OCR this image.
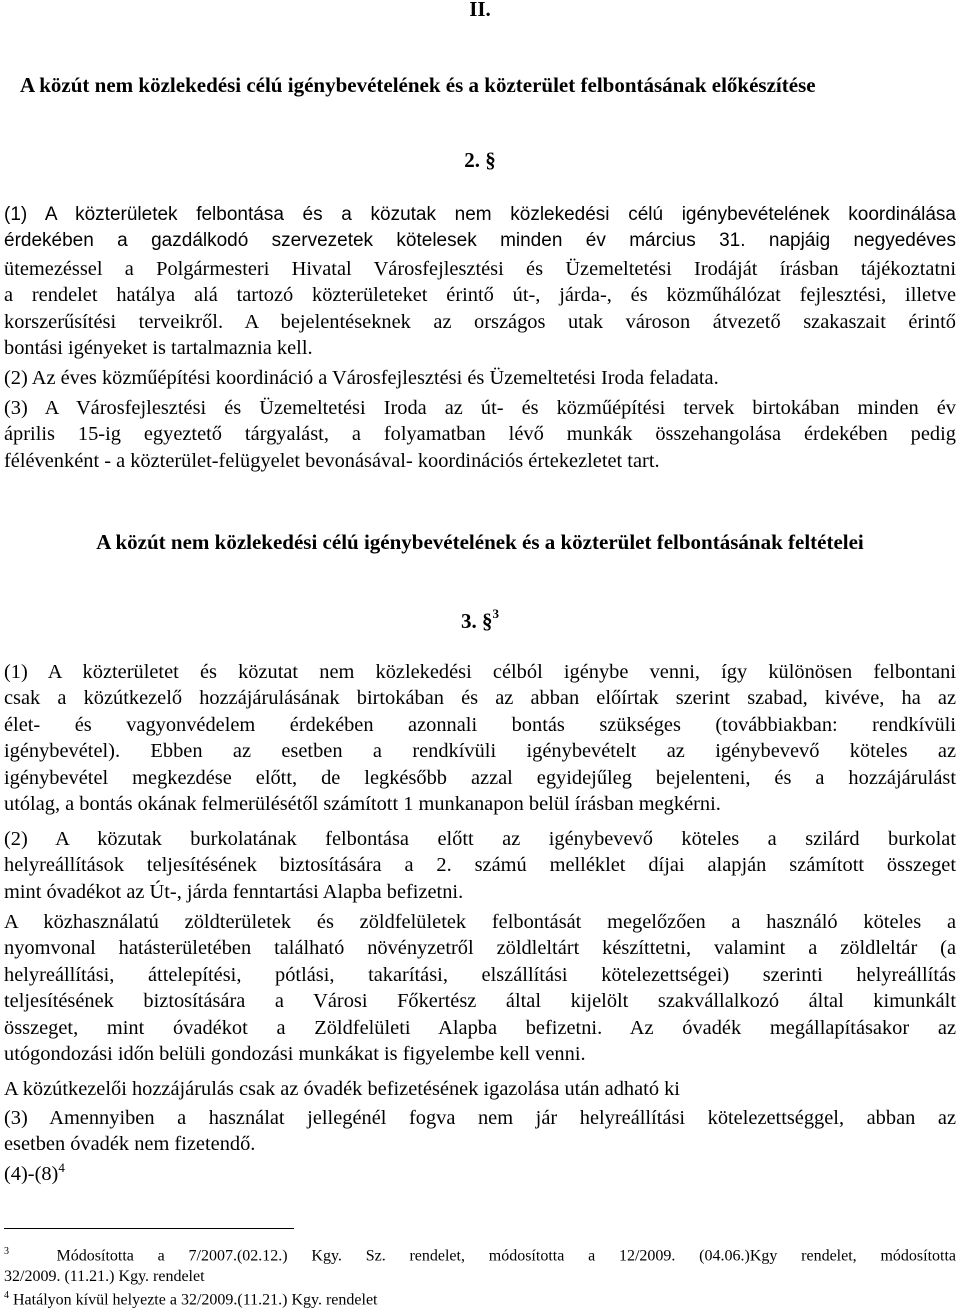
II.
A közút nem közlekedési célú igénybevételének és a közterület felbontásának előkészítése
2. §
(1) A közterületek felbontása és a közutak nem közlekedési célú igénybevételének koordinálása
érdekében a gazdálkodó szervezetek kötelesek minden év március 31. napjáig negyedéves
ütemezéssel a Polgármesteri Hivatal Városfejlesztési és Üzemeltetési Irodáját írásban tájékoztatni
a rendelet hatálya alá tartozó közterületeket érintő út-, járda-, és közműhálózat fejlesztési, illetve
korszerűsítési terveikről. A bejelentéseknek az országos utak városon átvezető szakaszait érintő
bontási igényeket is tartalmaznia kell.
(2) Az éves közműépítési koordináció a Városfejlesztési és Üzemeltetési Iroda feladata.
(3) A Városfejlesztési és Üzemeltetési Iroda az út- és közműépítési tervek birtokában minden év
április 15-ig egyeztető tárgyalást, a folyamatban lévő munkák összehangolása érdekében pedig
félévenként - a közterület-felügyelet bevonásával- koordinációs értekezletet tart.
A közút nem közlekedési célú igénybevételének és a közterület felbontásának feltételei
3. §$^3$
(1) A közterületet és közutat nem közlekedési célból igénybe venni, így különösen felbontani
csak a közútkezelő hozzájárulásának birtokában és az abban előírtak szerint szabad, kivéve, ha az
élet- és vagyonvédelem érdekében azonnali bontás szükséges (továbbiakban: rendkívüli
igénybevétel). Ebben az esetben a rendkívüli igénybevételt az igénybevevő köteles az
igénybevétel megkezdése előtt, de legkésőbb azzal egyidejűleg bejelenteni, és a hozzájárulást
utólag, a bontás okának felmerülésétől számított 1 munkanapon belül írásban megkérni.
(2) A közutak burkolatának felbontása előtt az igénybevevő köteles a szilárd burkolat
helyreállítások teljesítésének biztosítására a 2. számú melléklet díjai alapján számított összeget
mint óvadékot az Út-, járda fenntartási Alapba befizetni.
A közhasználatú zöldterületek és zöldfelületek felbontását megelőzően a használó köteles a
nyomvonal hatásterületében található növényzetről zöldleltárt készíttetni, valamint a zöldleltár (a
helyreállítási, áttelepítési, pótlási, takarítási, elszállítási kötelezettségei) szerinti helyreállítás
teljesítésének biztosítására a Városi Főkertész által kijelölt szakvállalkozó által kimunkált
összeget, mint óvadékot a Zöldfelületi Alapba befizetni. Az óvadék megállapításakor az
utógondozási időn belüli gondozási munkákat is figyelembe kell venni.
A közútkezelői hozzájárulás csak az óvadék befizetésének igazolása után adható ki
(3) Amennyiben a használat jellegénél fogva nem jár helyreállítási kötelezettséggel, abban az
esetben óvadék nem fizetendő.
$(4)-(8)^4$
$^3$	Módosította a 7/2007.(02.12.) Kgy. Sz. rendelet, módosította a 12/2009. (04.06.)Kgy rendelet, módosította
32/2009. (11.21.) Kgy. rendelet
$^4$ Hatályon kívül helyezte a 32/2009.(11.21.) Kgy. rendelet
